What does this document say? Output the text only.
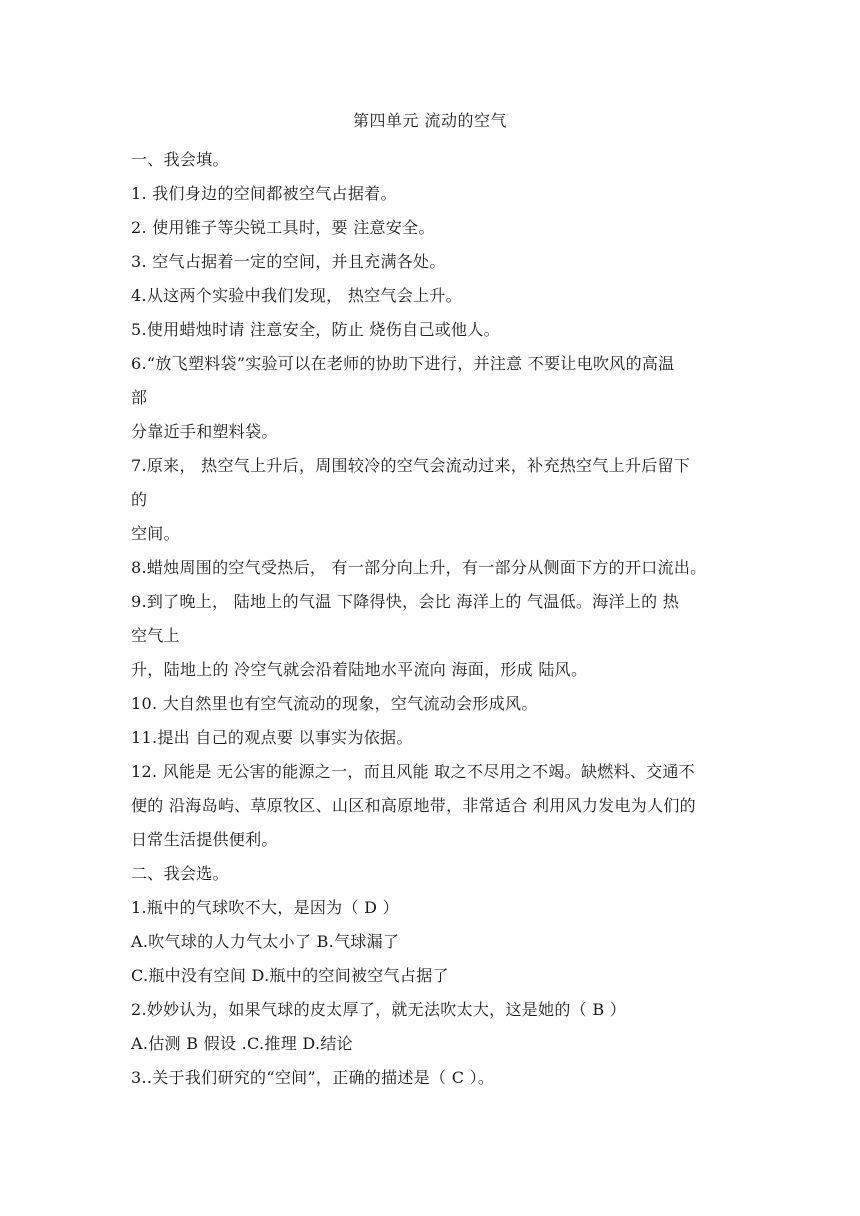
第四单元 流动的空气
一、我会填。
1. 我们身边的空间都被空气占据着。
2. 使用锥子等尖锐工具时，要 注意安全。
3. 空气占据着一定的空间，并且充满各处。
4.从这两个实验中我们发现， 热空气会上升。
5.使用蜡烛时请 注意安全，防止 烧伤自己或他人。
6.“放飞塑料袋”实验可以在老师的协助下进行，并注意 不要让电吹风的高温
部
分靠近手和塑料袋。
7.原来， 热空气上升后，周围较冷的空气会流动过来，补充热空气上升后留下
的
空间。
8.蜡烛周围的空气受热后， 有一部分向上升，有一部分从侧面下方的开口流出。
9.到了晚上， 陆地上的气温 下降得快，会比 海洋上的 气温低。海洋上的 热
空气上
升，陆地上的 冷空气就会沿着陆地水平流向 海面，形成 陆风。
10. 大自然里也有空气流动的现象，空气流动会形成风。
11.提出 自己的观点要 以事实为依据。
12. 风能是 无公害的能源之一，而且风能 取之不尽用之不竭。缺燃料、交通不
便的 沿海岛屿、草原牧区、山区和高原地带，非常适合 利用风力发电为人们的
日常生活提供便利。
二、我会选。
1.瓶中的气球吹不大，是因为（ D ）
A.吹气球的人力气太小了 B.气球漏了
C.瓶中没有空间 D.瓶中的空间被空气占据了
2.妙妙认为，如果气球的皮太厚了，就无法吹太大，这是她的（ B ）
A.估测 B 假设 .C.推理 D.结论
3..关于我们研究的“空间”，正确的描述是（ C ）。
